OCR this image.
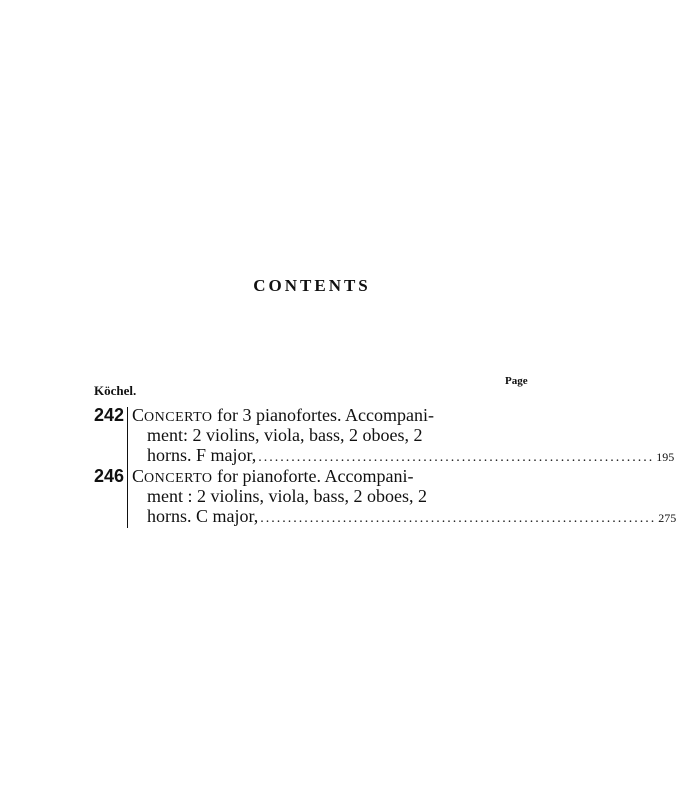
CONTENTS
Köchel.
Page
242 CONCERTO for 3 pianofortes. Accompani-
ment: 2 violins, viola, bass, 2 oboes, 2
horns. F major, ........................................................................ 195
246 CONCERTO for pianoforte. Accompani-
ment : 2 violins, viola, bass, 2 oboes, 2
horns. C major, ........................................................................ 275
